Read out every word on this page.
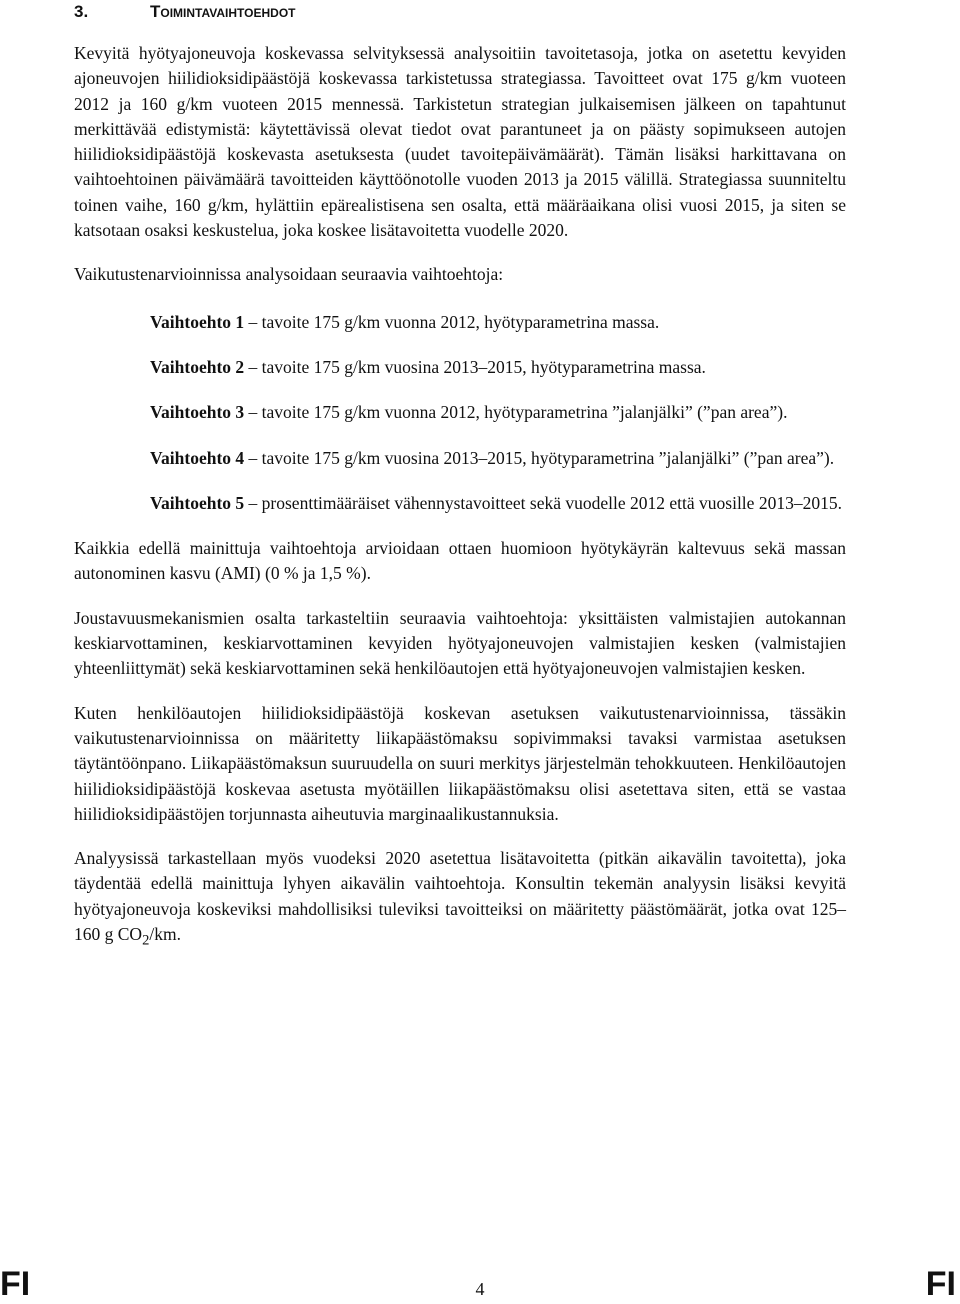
3.	Toimintavaihtoehdot

Kevyitä hyötyajoneuvoja koskevassa selvityksessä analysoitiin tavoitetasoja, jotka on asetettu kevyiden ajoneuvojen hiilidioksidipäästöjä koskevassa tarkistetussa strategiassa. Tavoitteet ovat 175 g/km vuoteen 2012 ja 160 g/km vuoteen 2015 mennessä. Tarkistetun strategian julkaisemisen jälkeen on tapahtunut merkittävää edistymistä: käytettävissä olevat tiedot ovat parantuneet ja on päästy sopimukseen autojen hiilidioksidipäästöjä koskevasta asetuksesta (uudet tavoitepäivämäärät). Tämän lisäksi harkittavana on vaihtoehtoinen päivämäärä tavoitteiden käyttöönotolle vuoden 2013 ja 2015 välillä. Strategiassa suunniteltu toinen vaihe, 160 g/km, hylättiin epärealistisena sen osalta, että määräaikana olisi vuosi 2015, ja siten se katsotaan osaksi keskustelua, joka koskee lisätavoitetta vuodelle 2020.

Vaikutustenarvioinnissa analysoidaan seuraavia vaihtoehtoja:

Vaihtoehto 1 – tavoite 175 g/km vuonna 2012, hyötyparametrina massa.

Vaihtoehto 2 – tavoite 175 g/km vuosina 2013–2015, hyötyparametrina massa.

Vaihtoehto 3 – tavoite 175 g/km vuonna 2012, hyötyparametrina ”jalanjälki” (”pan area”).

Vaihtoehto 4 – tavoite 175 g/km vuosina 2013–2015, hyötyparametrina ”jalanjälki” (”pan area”).

Vaihtoehto 5 – prosenttimääräiset vähennystavoitteet sekä vuodelle 2012 että vuosille 2013–2015.

Kaikkia edellä mainittuja vaihtoehtoja arvioidaan ottaen huomioon hyötykäyrän kaltevuus sekä massan autonominen kasvu (AMI) (0 % ja 1,5 %).

Joustavuusmekanismien osalta tarkasteltiin seuraavia vaihtoehtoja: yksittäisten valmistajien autokannan keskiarvottaminen, keskiarvottaminen kevyiden hyötyajoneuvojen valmistajien kesken (valmistajien yhteenliittymät) sekä keskiarvottaminen sekä henkilöautojen että hyötyajoneuvojen valmistajien kesken.

Kuten henkilöautojen hiilidioksidipäästöjä koskevan asetuksen vaikutustenarvioinnissa, tässäkin vaikutustenarvioinnissa on määritetty liikapäästömaksu sopivimmaksi tavaksi varmistaa asetuksen täytäntöönpano. Liikapäästömaksun suuruudella on suuri merkitys järjestelmän tehokkuuteen. Henkilöautojen hiilidioksidipäästöjä koskevaa asetusta myötäillen liikapäästömaksu olisi asetettava siten, että se vastaa hiilidioksidipäästöjen torjunnasta aiheutuvia marginaalikustannuksia.

Analyysissä tarkastellaan myös vuodeksi 2020 asetettua lisätavoitetta (pitkän aikavälin tavoitetta), joka täydentää edellä mainittuja lyhyen aikavälin vaihtoehtoja. Konsultin tekemän analyysin lisäksi kevyitä hyötyajoneuvoja koskeviksi mahdollisiksi tuleviksi tavoitteiksi on määritetty päästömäärät, jotka ovat 125–160 g $CO_2/km$.

FI	4	FI
